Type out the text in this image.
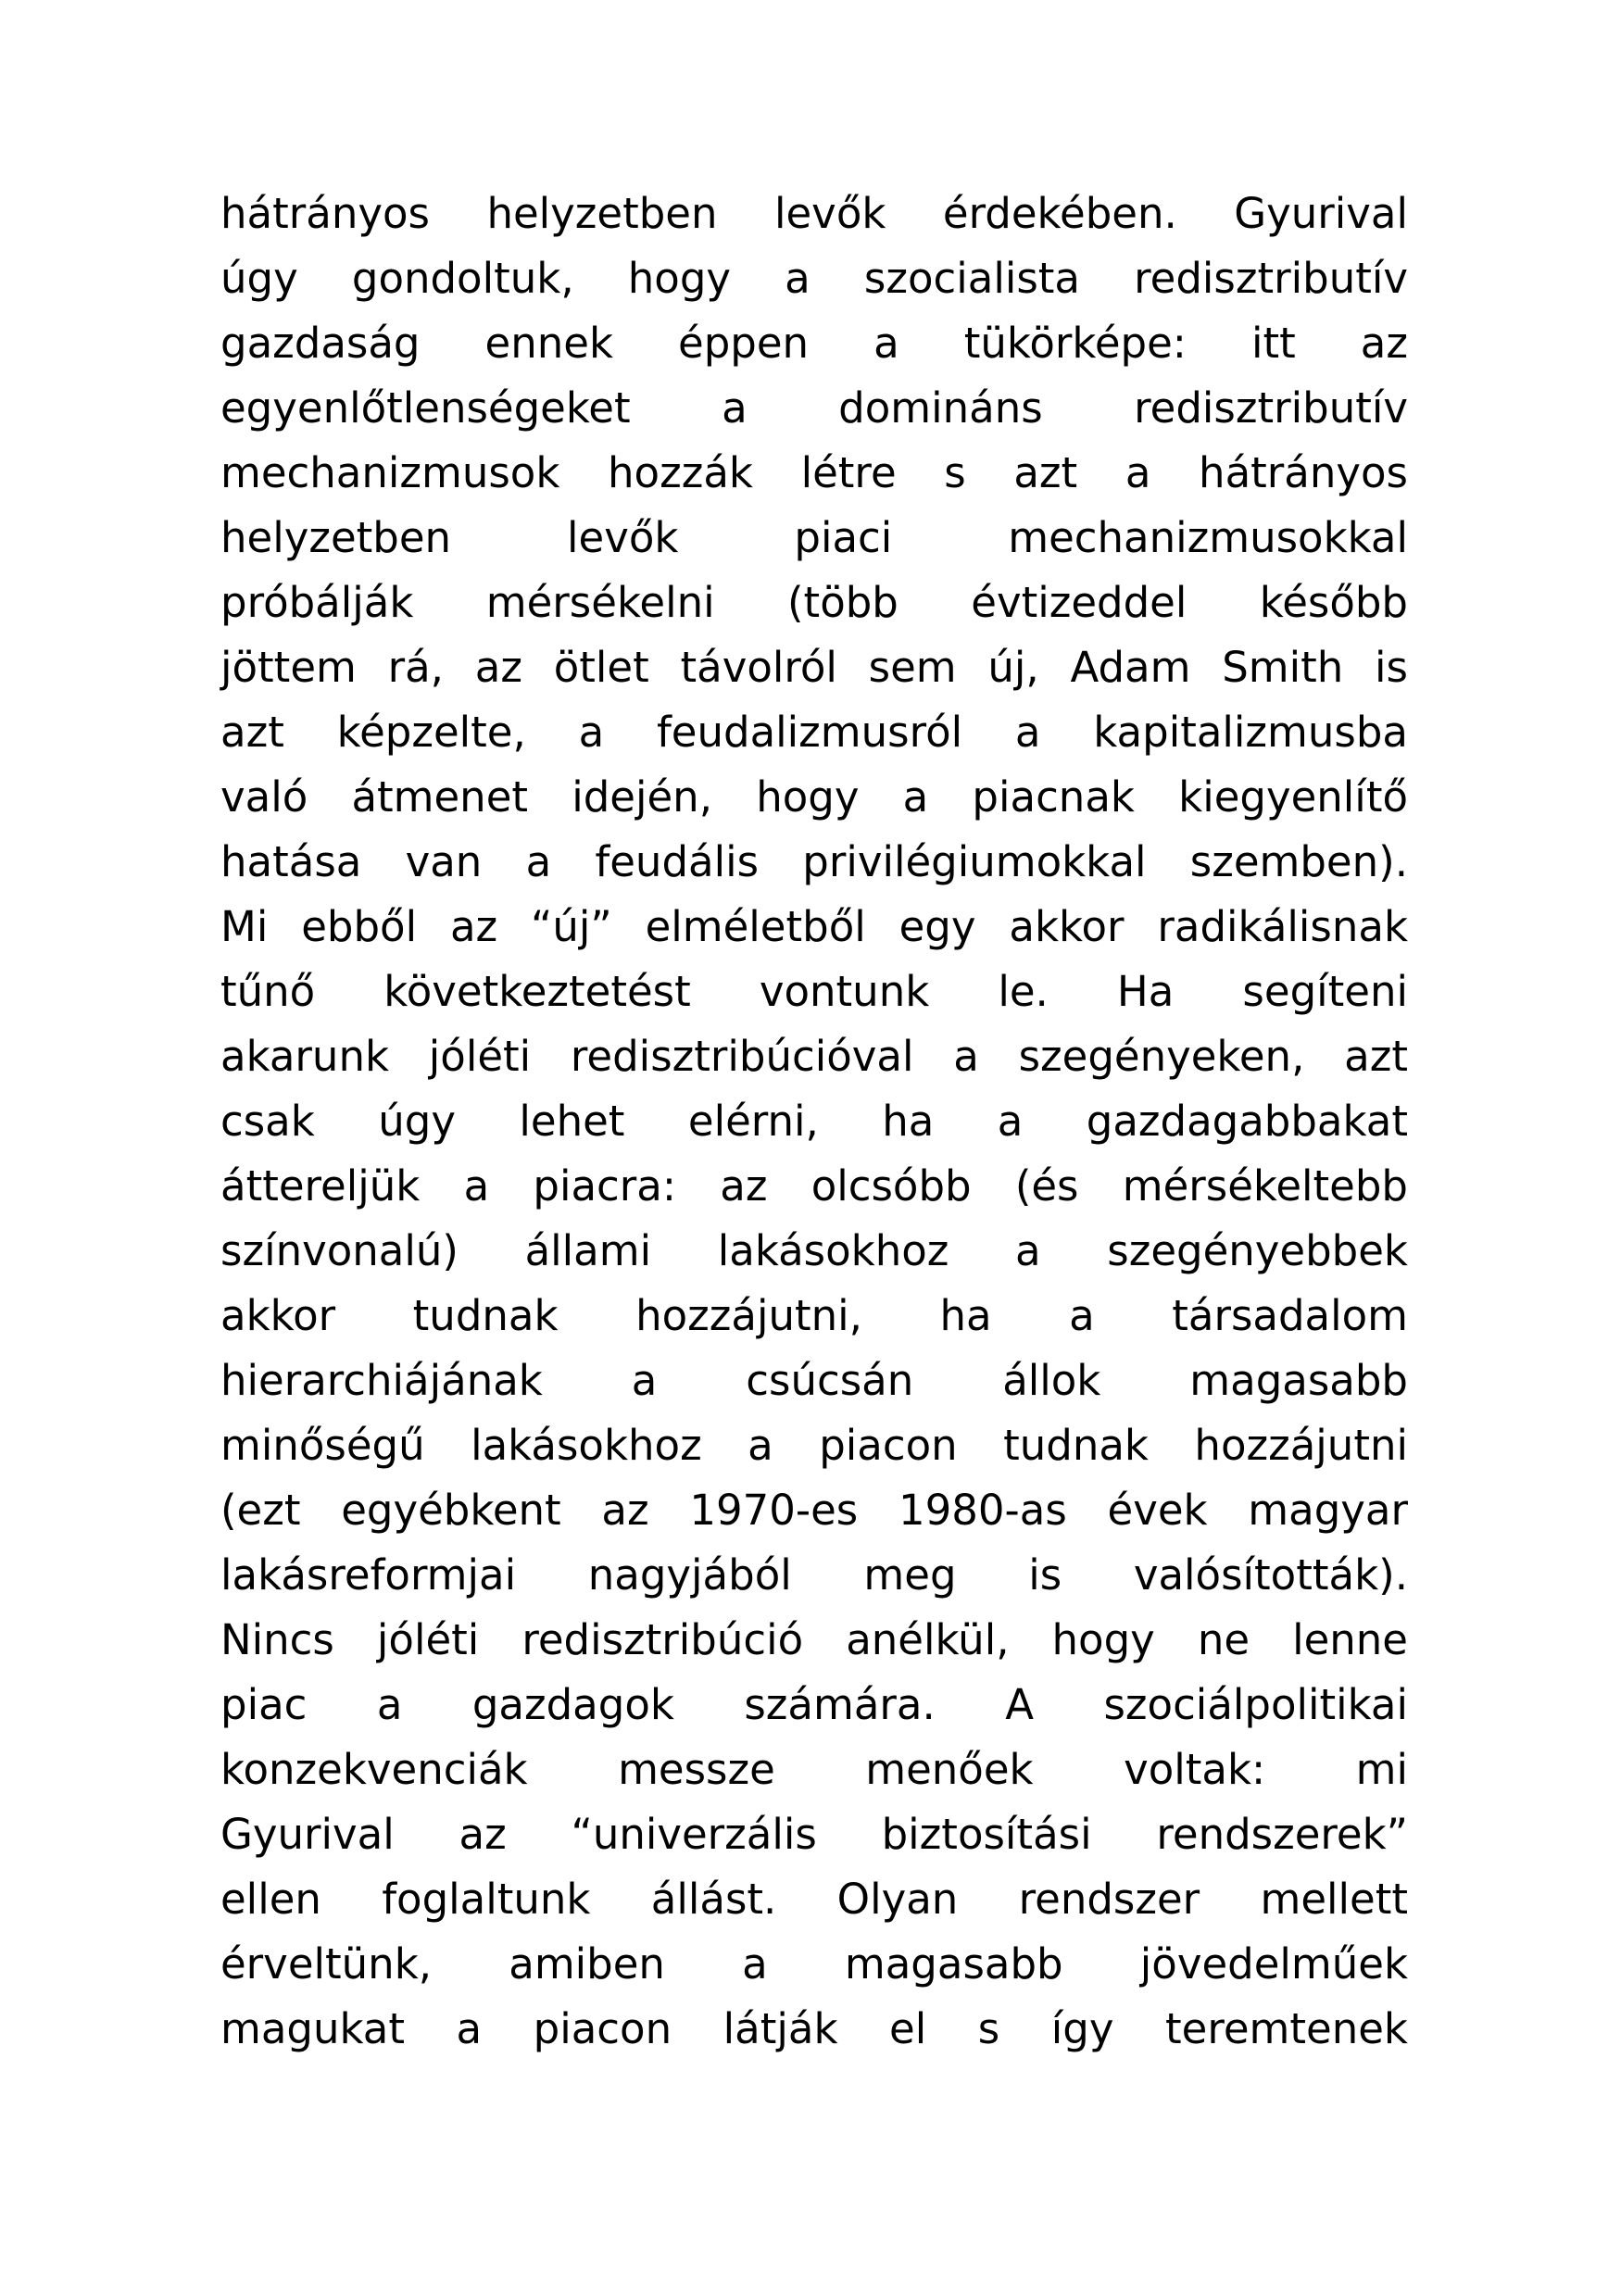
hátrányos helyzetben levők érdekében. Gyurival
úgy gondoltuk, hogy a szocialista redisztributív
gazdaság ennek éppen a tükörképe: itt az
egyenlőtlenségeket a domináns redisztributív
mechanizmusok hozzák létre s azt a hátrányos
helyzetben levők piaci mechanizmusokkal
próbálják mérsékelni (több évtizeddel később
jöttem rá, az ötlet távolról sem új, Adam Smith is
azt képzelte, a feudalizmusról a kapitalizmusba
való átmenet idején, hogy a piacnak kiegyenlítő
hatása van a feudális privilégiumokkal szemben).
Mi ebből az “új” elméletből egy akkor radikálisnak
tűnő következtetést vontunk le. Ha segíteni
akarunk jóléti redisztribúcióval a szegényeken, azt
csak úgy lehet elérni, ha a gazdagabbakat
áttereljük a piacra: az olcsóbb (és mérsékeltebb
színvonalú) állami lakásokhoz a szegényebbek
akkor tudnak hozzájutni, ha a társadalom
hierarchiájának a csúcsán állok magasabb
minőségű lakásokhoz a piacon tudnak hozzájutni
(ezt egyébkent az 1970-es 1980-as évek magyar
lakásreformjai nagyjából meg is valósították).
Nincs jóléti redisztribúció anélkül, hogy ne lenne
piac a gazdagok számára. A szociálpolitikai
konzekvenciák messze menőek voltak: mi
Gyurival az “univerzális biztosítási rendszerek”
ellen foglaltunk állást. Olyan rendszer mellett
érveltünk, amiben a magasabb jövedelműek
magukat a piacon látják el s így teremtenek
